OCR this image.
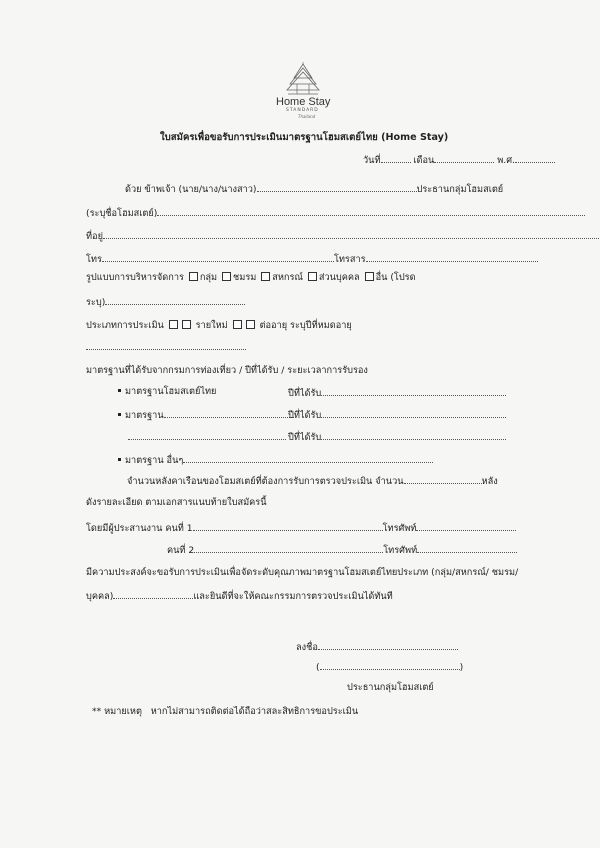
Home Stay
STANDARD
Thailand
ใบสมัครเพื่อขอรับการประเมินมาตรฐานโฮมสเตย์ไทย (Home Stay)
วันที่	เดือน	พ.ศ.
ด้วย ข้าพเจ้า (นาย/นาง/นางสาว)	ประธานกลุ่มโฮมสเตย์
(ระบุชื่อโฮมสเตย์)
ที่อยู่
โทร	โทรสาร
รูปแบบการบริหารจัดการ กลุ่ม ชมรม สหกรณ์ ส่วนบุคคล อื่น (โปรด
ระบุ)
ประเภทการประเมิน	รายใหม่	ต่ออายุ ระบุปีที่หมดอายุ
มาตรฐานที่ได้รับจากกรมการท่องเที่ยว / ปีที่ได้รับ / ระยะเวลาการรับรอง
มาตรฐานโฮมสเตย์ไทย	ปีที่ได้รับ
มาตรฐาน	ปีที่ได้รับ
ปีที่ได้รับ
มาตรฐาน อื่นๆ
จำนวนหลังคาเรือนของโฮมสเตย์ที่ต้องการรับการตรวจประเมิน จำนวน	หลัง
ดังรายละเอียด ตามเอกสารแนบท้ายใบสมัครนี้
โดยมีผู้ประสานงาน คนที่ 1	โทรศัพท์
คนที่ 2	โทรศัพท์
มีความประสงค์จะขอรับการประเมินเพื่อจัดระดับคุณภาพมาตรฐานโฮมสเตย์ไทยประเภท (กลุ่ม/สหกรณ์/ ชมรม/
บุคคล)	และยินดีที่จะให้คณะกรรมการตรวจประเมินได้ทันที
ลงชื่อ
(	)
ประธานกลุ่มโฮมสเตย์
** หมายเหตุ หากไม่สามารถติดต่อได้ถือว่าสละสิทธิการขอประเมิน
